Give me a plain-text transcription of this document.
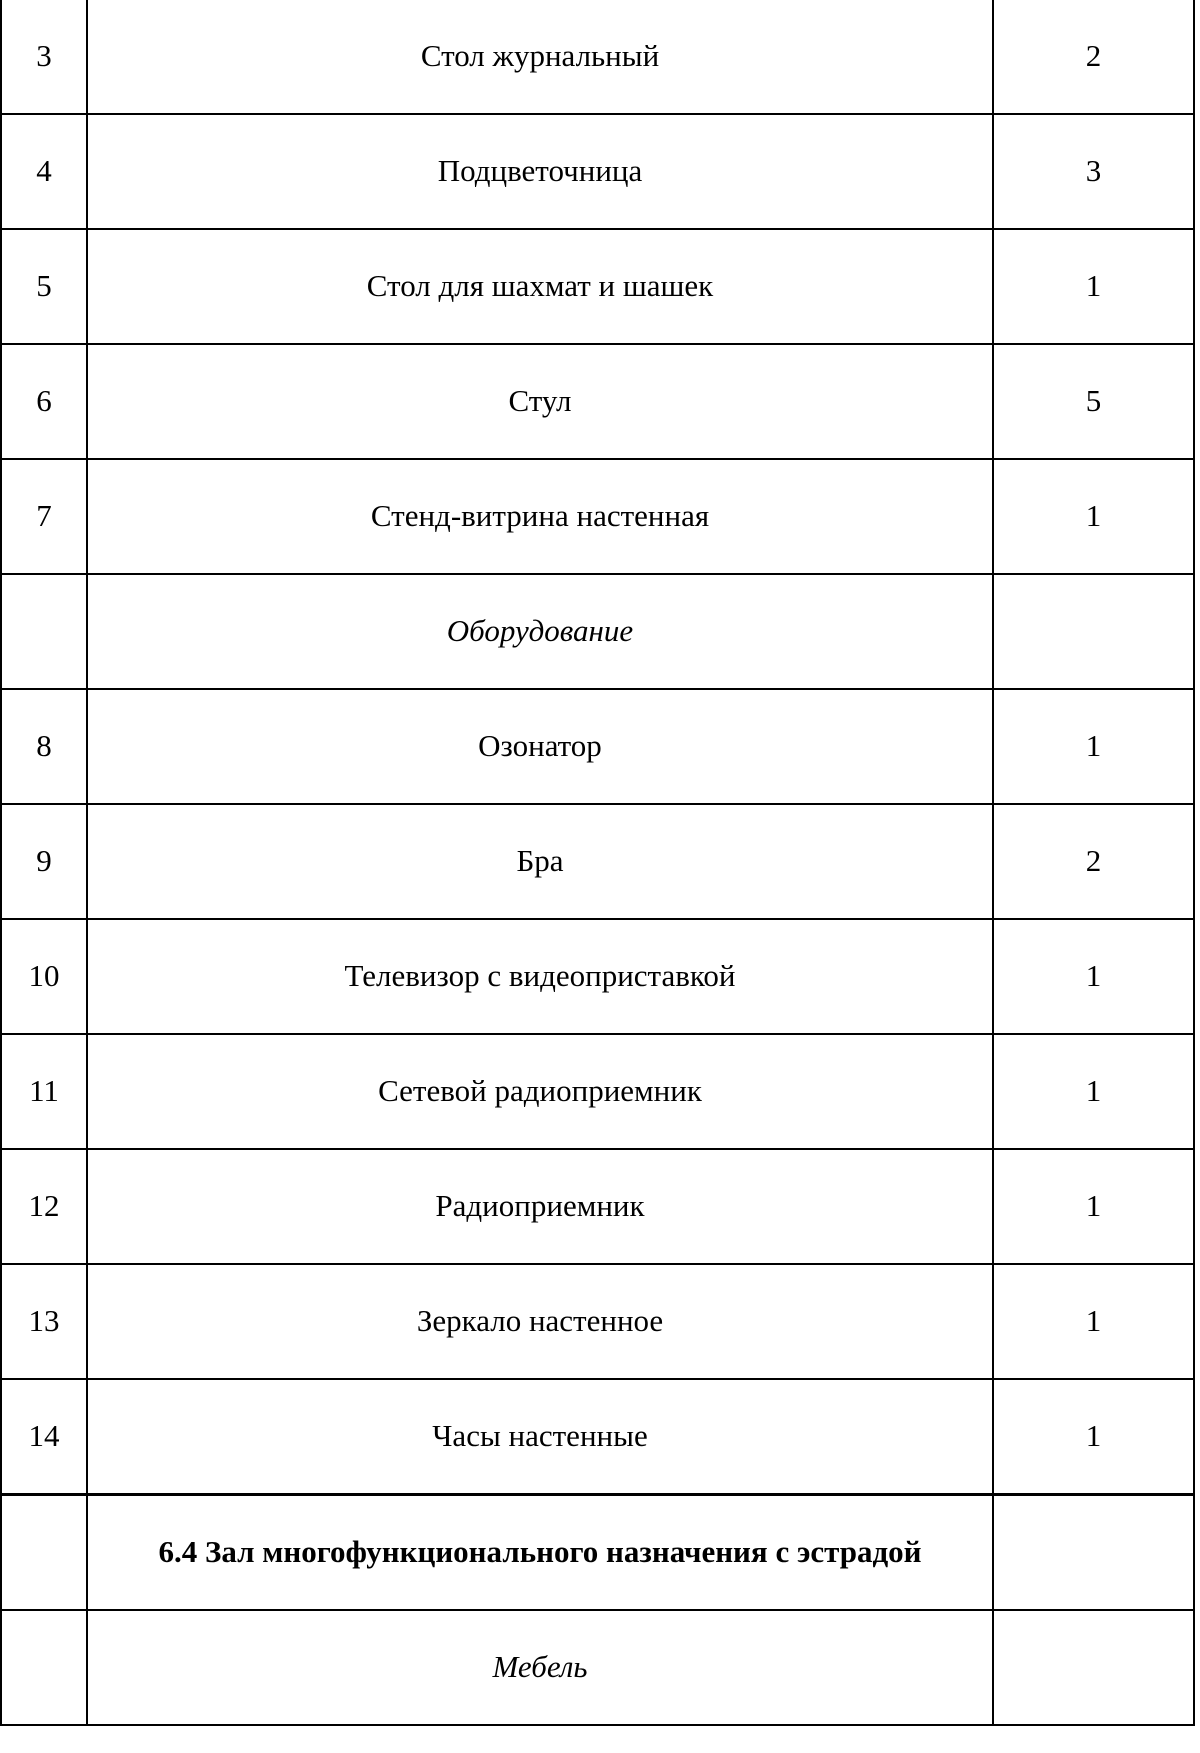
3	Стол журнальный	2
4	Подцветочница	3
5	Стол для шахмат и шашек	1
6	Стул	5
7	Стенд-витрина настенная	1
	Оборудование	
8	Озонатор	1
9	Бра	2
10	Телевизор с видеоприставкой	1
11	Сетевой радиоприемник	1
12	Радиоприемник	1
13	Зеркало настенное	1
14	Часы настенные	1
	6.4 Зал многофункционального назначения с эстрадой	
	Мебель	
